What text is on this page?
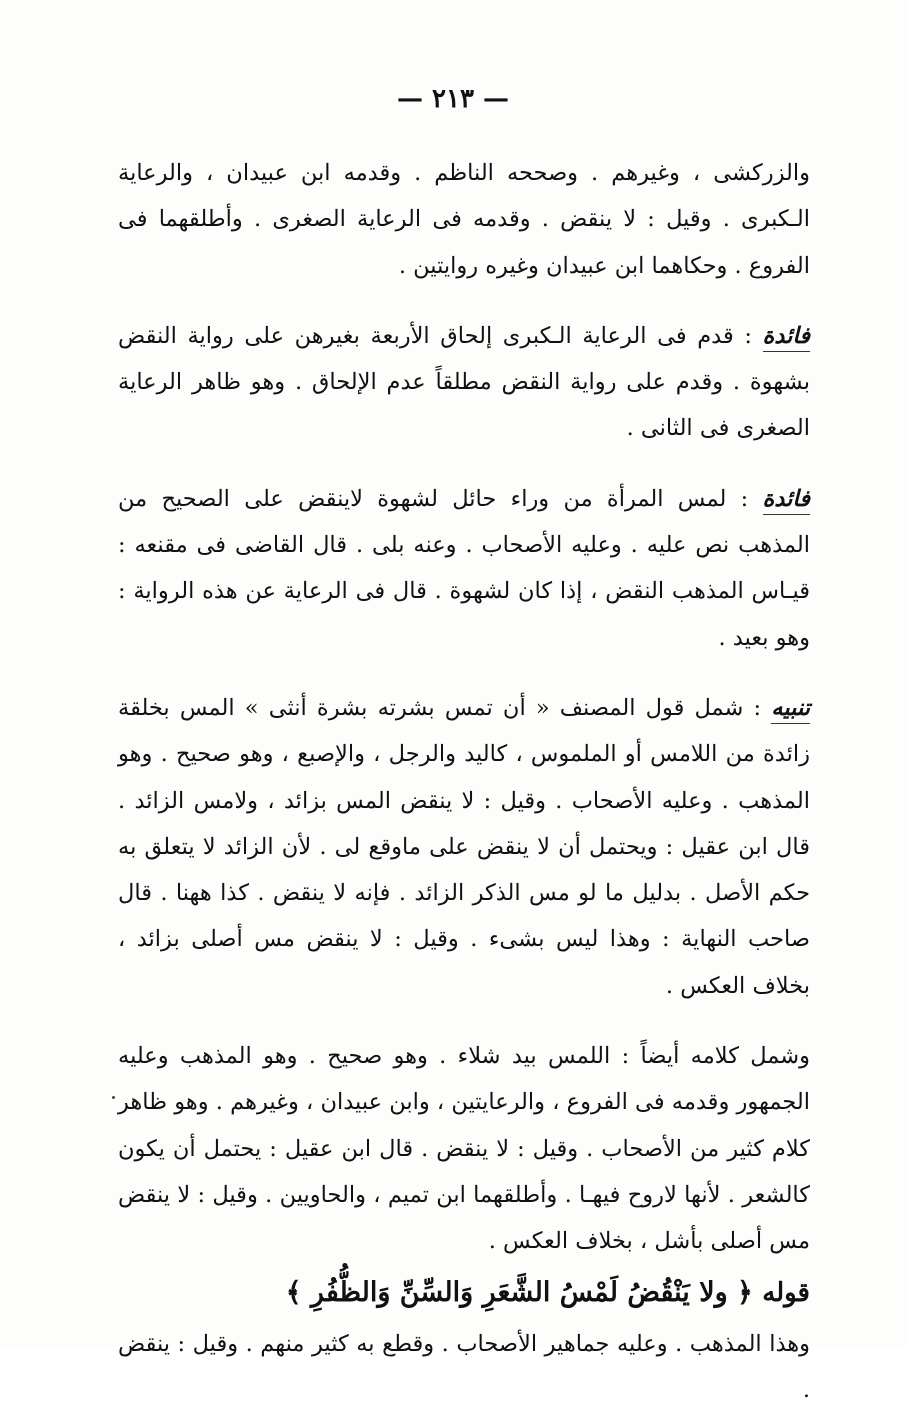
— ٢١٣ —

والزركشى ، وغيرهم . وصححه الناظم . وقدمه ابن عبيدان ، والرعاية الـكبرى . وقيل : لا ينقض . وقدمه فى الرعاية الصغرى . وأطلقهما فى الفروع . وحكاهما ابن عبيدان وغيره روايتين .

فائدة : قدم فى الرعاية الـكبرى إلحاق الأربعة بغيرهن على رواية النقض بشهوة . وقدم على رواية النقض مطلقاً عدم الإلحاق . وهو ظاهر الرعاية الصغرى فى الثانى .

فائدة : لمس المرأة من وراء حائل لشهوة لاينقض على الصحيح من المذهب نص عليه . وعليه الأصحاب . وعنه بلى . قال القاضى فى مقنعه : قيـاس المذهب النقض ، إذا كان لشهوة . قال فى الرعاية عن هذه الرواية : وهو بعيد .

تنبيه : شمل قول المصنف « أن تمس بشرته بشرة أنثى » المس بخلقة زائدة من اللامس أو الملموس ، كاليد والرجل ، والإصبع ، وهو صحيح . وهو المذهب . وعليه الأصحاب . وقيل : لا ينقض المس بزائد ، ولامس الزائد . قال ابن عقيل : ويحتمل أن لا ينقض على ماوقع لى . لأن الزائد لا يتعلق به حكم الأصل . بدليل ما لو مس الذكر الزائد . فإنه لا ينقض . كذا ههنا . قال صاحب النهاية : وهذا ليس بشىء . وقيل : لا ينقض مس أصلى بزائد ، بخلاف العكس .

وشمل كلامه أيضاً : اللمس بيد شلاء . وهو صحيح . وهو المذهب وعليه الجمهور وقدمه فى الفروع ، والرعايتين ، وابن عبيدان ، وغيرهم . وهو ظاهر كلام كثير من الأصحاب . وقيل : لا ينقض . قال ابن عقيل : يحتمل أن يكون كالشعر . لأنها لاروح فيهـا . وأطلقهما ابن تميم ، والحاويين . وقيل : لا ينقض مس أصلى بأشل ، بخلاف العكس .

قوله ﴿ ولا يَنْقُضُ لَمْسُ الشَّعَرِ وَالسِّنِّ وَالظُّفُرِ ﴾

وهذا المذهب . وعليه جماهير الأصحاب . وقطع به كثير منهم . وقيل : ينقض .
